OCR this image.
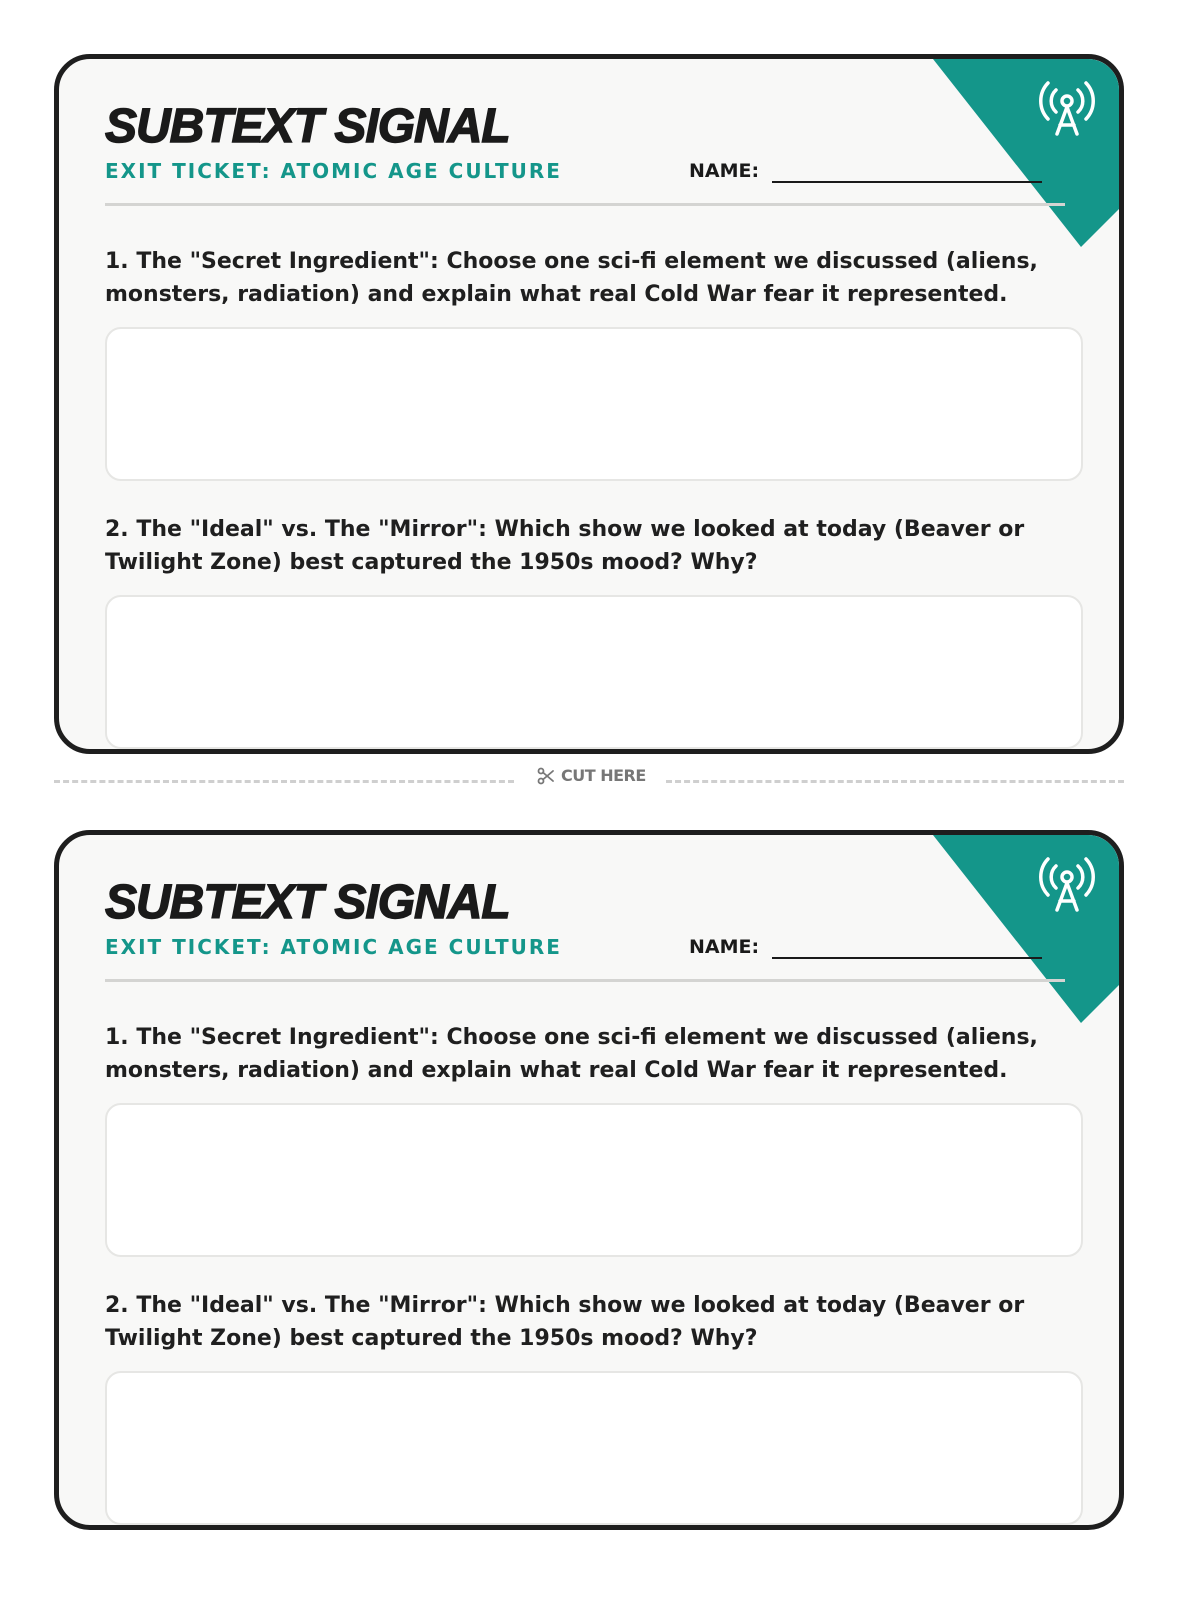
SUBTEXT SIGNAL
EXIT TICKET: ATOMIC AGE CULTURE	NAME:

1. The "Secret Ingredient": Choose one sci-fi element we discussed (aliens, monsters, radiation) and explain what real Cold War fear it represented.

2. The "Ideal" vs. The "Mirror": Which show we looked at today (Beaver or Twilight Zone) best captured the 1950s mood? Why?

CUT HERE
SUBTEXT SIGNAL
EXIT TICKET: ATOMIC AGE CULTURE	NAME:

1. The "Secret Ingredient": Choose one sci-fi element we discussed (aliens, monsters, radiation) and explain what real Cold War fear it represented.

2. The "Ideal" vs. The "Mirror": Which show we looked at today (Beaver or Twilight Zone) best captured the 1950s mood? Why?
